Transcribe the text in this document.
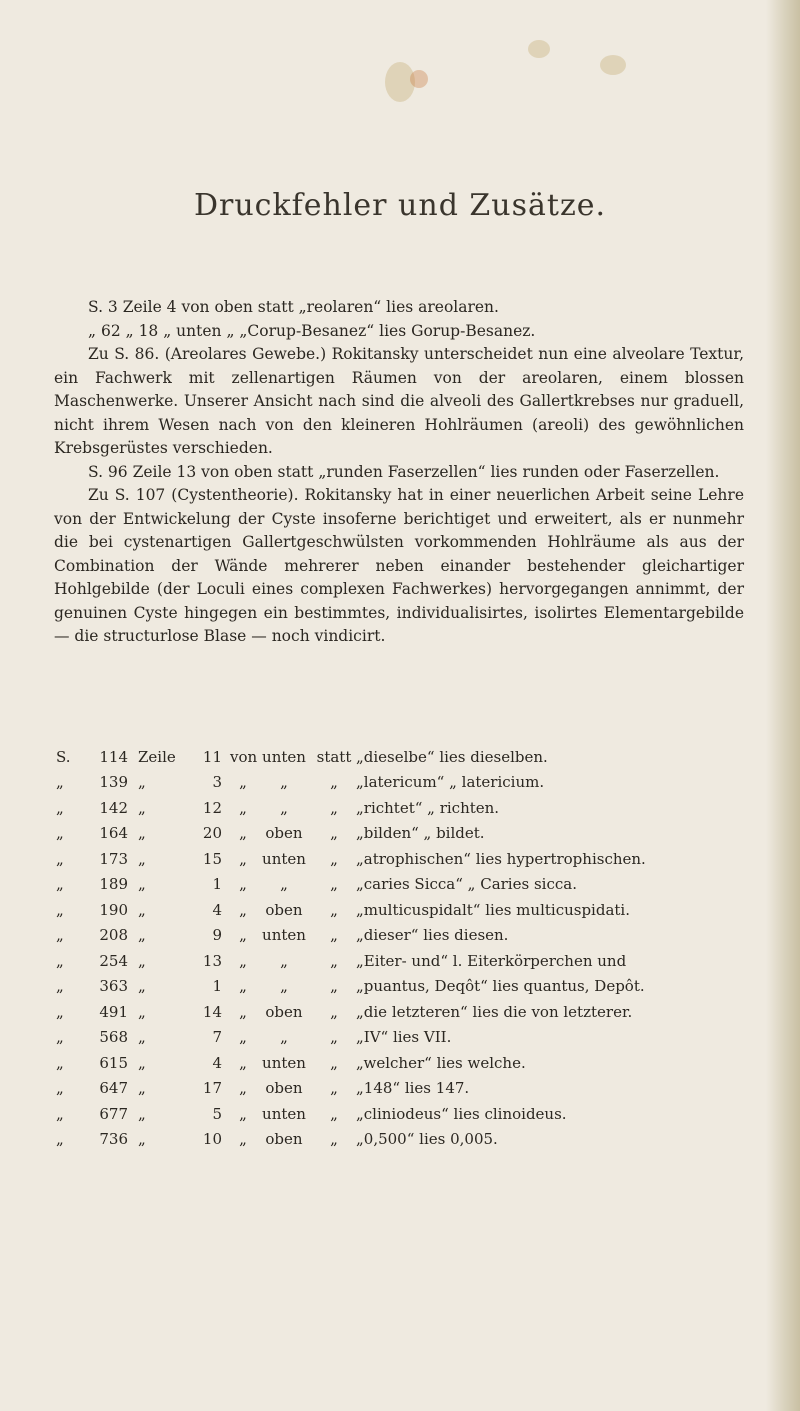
Druckfehler und Zusätze.

S. 3 Zeile 4 von oben statt „reolaren“ lies areolaren.

„ 62 „ 18 „ unten „ „Corup-Besanez“ lies Gorup-Besanez.

Zu S. 86. (Areolares Gewebe.) Rokitansky unterscheidet nun eine alveolare Textur, ein Fachwerk mit zellenartigen Räumen von der areolaren, einem blossen Maschenwerke. Unserer Ansicht nach sind die alveoli des Gallertkrebses nur graduell, nicht ihrem Wesen nach von den kleineren Hohlräumen (areoli) des gewöhnlichen Krebsgerüstes verschieden.

S. 96 Zeile 13 von oben statt „runden Faserzellen“ lies runden oder Faserzellen.

Zu S. 107 (Cystentheorie). Rokitansky hat in einer neuerlichen Arbeit seine Lehre von der Entwickelung der Cyste insoferne berichtiget und erweitert, als er nunmehr die bei cystenartigen Gallertgeschwülsten vorkommenden Hohlräume als aus der Combination der Wände mehrerer neben einander bestehender gleichartiger Hohlgebilde (der Loculi eines complexen Fachwerkes) hervorgegangen annimmt, der genuinen Cyste hingegen ein bestimmtes, individualisirtes, isolirtes Elementargebilde — die structurlose Blase — noch vindicirt.

S.	114 Zeile	11 von unten statt „dieselbe“ lies dieselben.
„	139 „	3	„	„	„	„latericum“ „ latericium.
„	142 „	12	„	„	„	„richtet“ „ richten.
„	164 „	20	„	oben	„	„bilden“ „ bildet.
„	173 „	15	„	unten	„	„atrophischen“ lies hypertrophischen.
„	189 „	1	„	„	„	„caries Sicca“ „ Caries sicca.
„	190 „	4	„	oben	„	„multicuspidalt“ lies multicuspidati.
„	208 „	9	„	unten	„	„dieser“ lies diesen.
„	254 „	13	„	„	„	„Eiter- und“ l. Eiterkörperchen und
„	363 „	1	„	„	„	„puantus, Deqôt“ lies quantus, Depôt.
„	491 „	14	„	oben	„	„die letzteren“ lies die von letzterer.
„	568 „	7	„	„	„	„IV“ lies VII.
„	615 „	4	„	unten	„	„welcher“ lies welche.
„	647 „	17	„	oben	„	„148“ lies 147.
„	677 „	5	„	unten	„	„cliniodeus“ lies clinoideus.
„	736 „	10	„	oben	„	„0,500“ lies 0,005.
